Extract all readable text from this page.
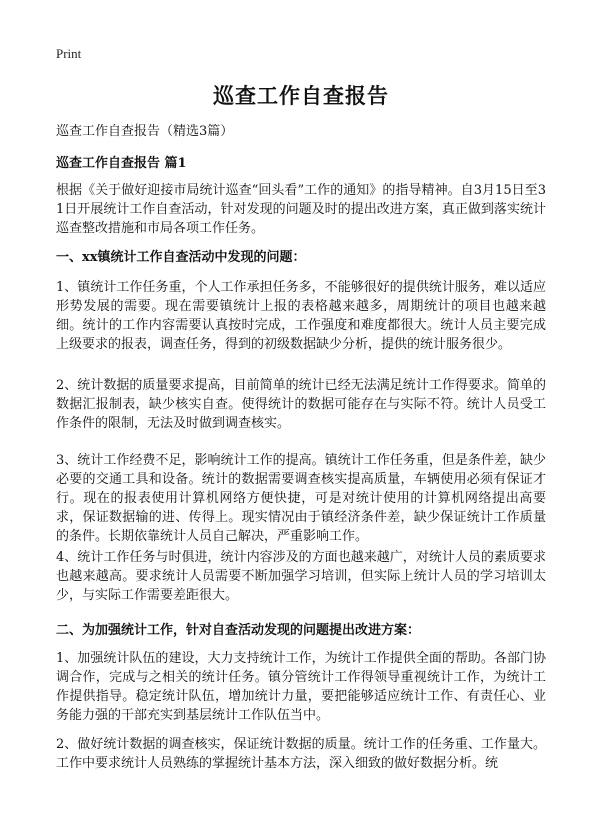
Print
巡查工作自查报告
巡查工作自查报告（精选3篇）
巡查工作自查报告 篇1
根据《关于做好迎接市局统计巡查“回头看”工作的通知》的指导精神。自3月15日至31日开展统计工作自查活动，针对发现的问题及时的提出改进方案，真正做到落实统计巡查整改措施和市局各项工作任务。
一、xx镇统计工作自查活动中发现的问题：
1、镇统计工作任务重，个人工作承担任务多，不能够很好的提供统计服务，难以适应形势发展的需要。现在需要镇统计上报的表格越来越多，周期统计的项目也越来越细。统计的工作内容需要认真按时完成，工作强度和难度都很大。统计人员主要完成上级要求的报表，调查任务，得到的初级数据缺少分析，提供的统计服务很少。
2、统计数据的质量要求提高，目前简单的统计已经无法满足统计工作得要求。简单的数据汇报制表，缺少核实自查。使得统计的数据可能存在与实际不符。统计人员受工作条件的限制，无法及时做到调查核实。
3、统计工作经费不足，影响统计工作的提高。镇统计工作任务重，但是条件差，缺少必要的交通工具和设备。统计的数据需要调查核实提高质量，车辆使用必须有保证才行。现在的报表使用计算机网络方便快捷，可是对统计使用的计算机网络提出高要求，保证数据输的进、传得上。现实情况由于镇经济条件差，缺少保证统计工作质量的条件。长期依靠统计人员自己解决，严重影响工作。
4、统计工作任务与时俱进，统计内容涉及的方面也越来越广，对统计人员的素质要求也越来越高。要求统计人员需要不断加强学习培训，但实际上统计人员的学习培训太少，与实际工作需要差距很大。
二、为加强统计工作，针对自查活动发现的问题提出改进方案：
1、加强统计队伍的建设，大力支持统计工作，为统计工作提供全面的帮助。各部门协调合作，完成与之相关的统计任务。镇分管统计工作得领导重视统计工作，为统计工作提供指导。稳定统计队伍，增加统计力量，要把能够适应统计工作、有责任心、业务能力强的干部充实到基层统计工作队伍当中。
2、做好统计数据的调查核实，保证统计数据的质量。统计工作的任务重、工作量大。工作中要求统计人员熟练的掌握统计基本方法，深入细致的做好数据分析。统
